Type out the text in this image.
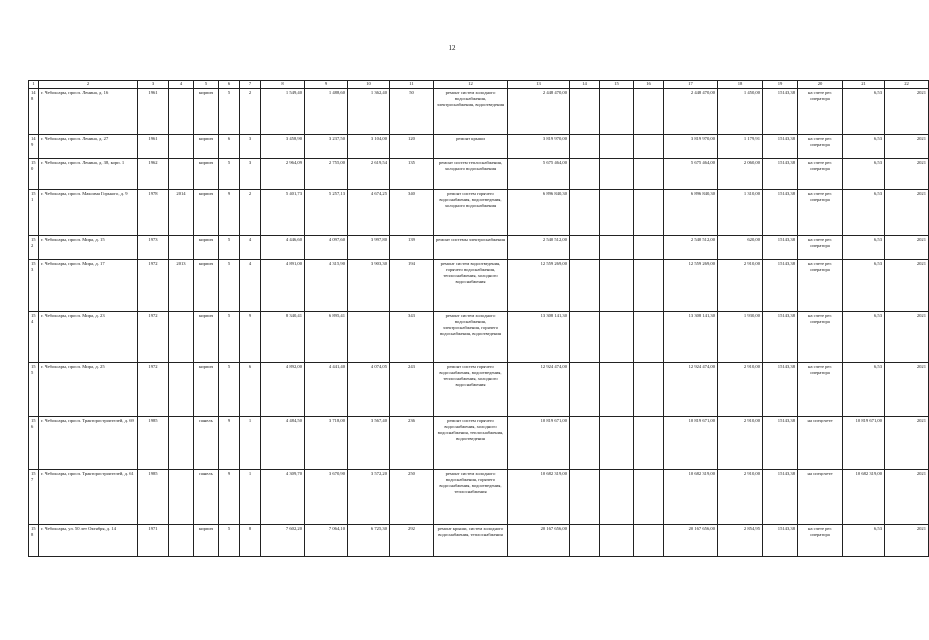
12
1	2	3	4	5	6	7	8	9	10	11	12	13	14	15	16	17	18	19	20	21	22
148	г. Чебоксары, просп. Ленина, д. 16	1961		кирпич	5	2	1 549,40	1 488,60	1 362,40	50	ремонт систем холодного водоснабжения, электроснабжения, водоотведения	2 448 470,00				2 448 470,00	1 450,00	15143,38	на счете рег. оператора	6,53	2021
149	г. Чебоксары, просп. Ленина, д. 27	1961		кирпич	6	3	3 458,90	3 237,50	3 104,00	120	ремонт крыши	3 819 970,00				3 819 970,00	1 179,91	15143,38	на счете рег. оператора	6,53	2021
150	г. Чебоксары, просп. Ленина, д. 38, корп. 1	1962		кирпич	5	3	2 964,09	2 755,00	2 619,54	135	ремонт систем теплоснабжения, холодного водоснабжения	5 675 464,00				5 675 464,00	2 060,00	15143,38	на счете рег. оператора	6,53	2021
151	г. Чебоксары, просп. Максима Горького, д. 9	1978	2014	кирпич	9	2	5 401,73	5 257,13	4 674,25	340	ремонт систем горячего водоснабжения, водоотведения, холодного водоснабжения	6 896 840,30				6 896 840,30	1 310,00	15143,38	на счете рег. оператора	6,53	2021
152	г. Чебоксары, просп. Мира, д. 15	1973		кирпич	5	4	4 446,60	4 097,60	3 997,80	139	ремонт системы электроснабжения	2 540 512,00				2 540 512,00	620,00	15143,38	на счете рег. оператора	6,53	2021
153	г. Чебоксары, просп. Мира, д. 17	1972	2013	кирпич	5	4	4 891,00	4 315,90	3 903,30	194	ремонт систем водоотведения, горячего водоснабжения, теплоснабжения, холодного водоснабжения	12 559 269,00				12 559 269,00	2 910,00	15143,38	на счете рег. оператора	6,53	2021
154	г. Чебоксары, просп. Мира, д. 23	1972		кирпич	5	9	8 340,41	6 895,41		343	ремонт систем холодного водоснабжения, электроснабжения, горячего водоснабжения, водоотведения	13 308 141,30				13 308 141,30	1 930,00	15143,38	на счете рег. оператора	6,53	2021
155	г. Чебоксары, просп. Мира, д. 25	1972		кирпич	5	6	4 892,00	4 441,40	4 074,05	243	ремонт систем горячего водоснабжения, водоотведения, теплоснабжения, холодного водоснабжения	12 924 474,00				12 924 474,00	2 910,00	15143,38	на счете рег. оператора	6,53	2021
156	г. Чебоксары, просп. Тракторостроителей, д. 69	1985		панель	9	1	4 484,50	3 718,00	3 567,40	236	ремонт систем горячего водоснабжения, холодного водоснабжения, теплоснабжения, водоотведения	10 819 671,00				10 819 671,00	2 910,00	15143,38	на спецсчете	10 819 671,00	2021
157	г. Чебоксары, просп. Тракторостроителей, д. 61	1985		панель	9	1	4 309,70	3 670,90	3 572,20	250	ремонт систем холодного водоснабжения, горячего водоснабжения, водоотведения, теплоснабжения	10 682 319,00				10 682 319,00	2 910,00	15143,38	на спецсчете	10 682 319,00	2021
158	г. Чебоксары, ул. 50 лет Октября, д. 14	1971		кирпич	5	8	7 602,20	7 064,10	6 725,30	292	ремонт крыши, систем холодного водоснабжения, теплоснабжения	20 167 656,00				20 167 656,00	2 854,95	15143,38	на счете рег. оператора	6,53	2021
